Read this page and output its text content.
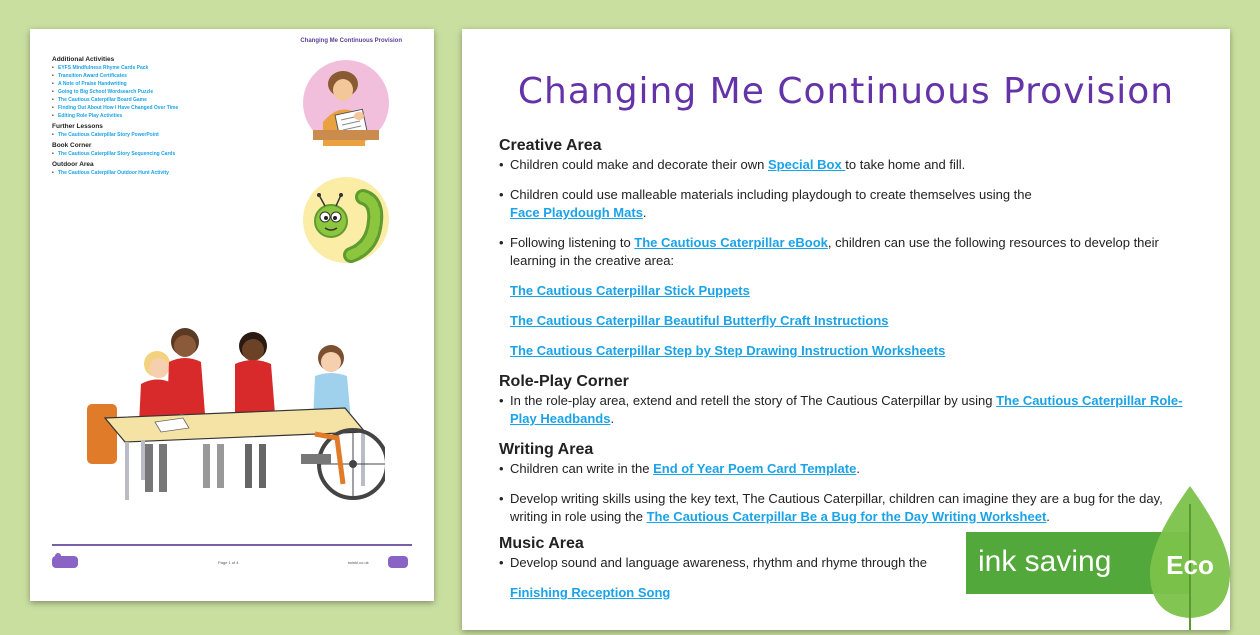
Changing Me Continuous Provision
Additional Activities
• EYFS Mindfulness Rhyme Cards Pack
• Transition Award Certificates
• A Note of Praise Handwriting
• Going to Big School Wordsearch Puzzle
• The Cautious Caterpillar Board Game
• Finding Out About How I Have Changed Over Time
• Editing Role Play Activities
Further Lessons
• The Cautious Caterpillar Story PowerPoint
Book Corner
• The Cautious Caterpillar Story Sequencing Cards
Outdoor Area
• The Cautious Caterpillar Outdoor Hunt Activity
Page 1 of 4	twinkl.co.uk
Changing Me Continuous Provision
Creative Area
• Children could make and decorate their own Special Box to take home and fill.
• Children could use malleable materials including playdough to create themselves using the
Face Playdough Mats.
• Following listening to The Cautious Caterpillar eBook, children can use the following resources to develop their learning in the creative area:
The Cautious Caterpillar Stick Puppets
The Cautious Caterpillar Beautiful Butterfly Craft Instructions
The Cautious Caterpillar Step by Step Drawing Instruction Worksheets
Role-Play Corner
• In the role-play area, extend and retell the story of The Cautious Caterpillar by using The Cautious Caterpillar Role-Play Headbands.
Writing Area
• Children can write in the End of Year Poem Card Template.
• Develop writing skills using the key text, The Cautious Caterpillar, children can imagine they are a bug for the day, writing in role using the The Cautious Caterpillar Be a Bug for the Day Writing Worksheet.
Music Area
• Develop sound and language awareness, rhythm and rhyme through the
Finishing Reception Song
ink saving	Eco
